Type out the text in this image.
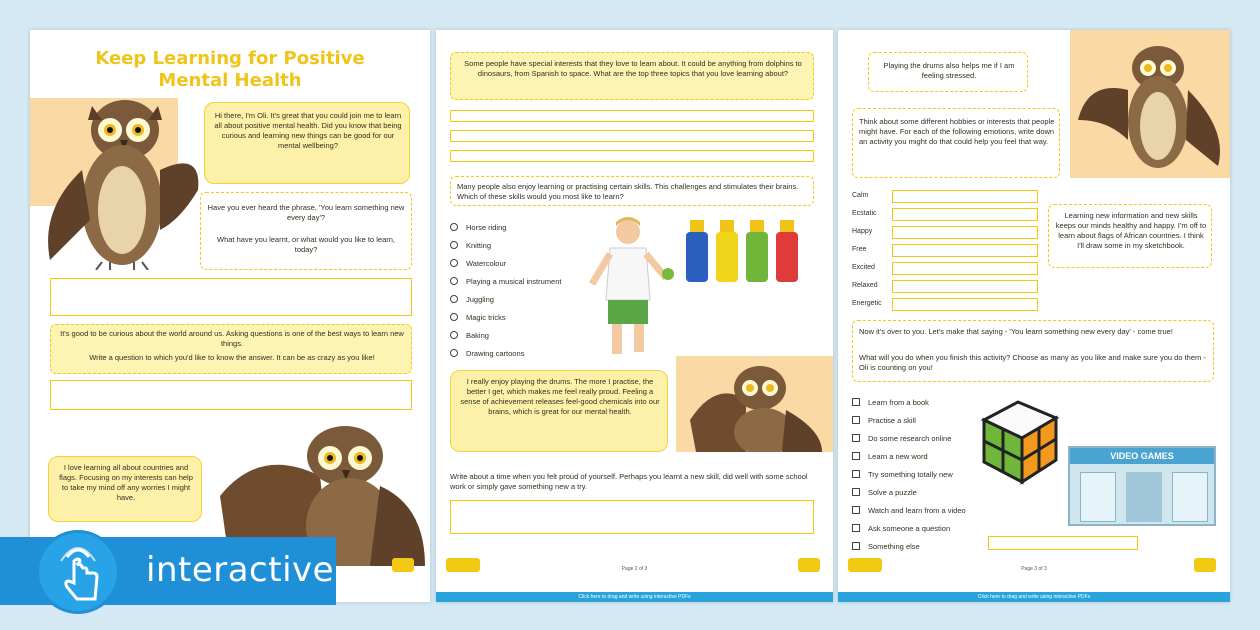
Keep Learning for Positive Mental Health
Hi there, I'm Oli. It's great that you could join me to learn all about positive mental health. Did you know that being curious and learning new things can be good for our mental wellbeing?
Have you ever heard the phrase, 'You learn something new every day'?
What have you learnt, or what would you like to learn, today?
It's good to be curious about the world around us. Asking questions is one of the best ways to learn new things.
Write a question to which you'd like to know the answer. It can be as crazy as you like!
I love learning all about countries and flags. Focusing on my interests can help to take my mind off any worries I might have.
Some people have special interests that they love to learn about. It could be anything from dolphins to dinosaurs, from Spanish to space. What are the top three topics that you love learning about?
Many people also enjoy learning or practising certain skills. This challenges and stimulates their brains. Which of these skills would you most like to learn?
Horse riding
Knitting
Watercolour
Playing a musical instrument
Juggling
Magic tricks
Baking
Drawing cartoons
I really enjoy playing the drums. The more I practise, the better I get, which makes me feel really proud. Feeling a sense of achievement releases feel-good chemicals into our brains, which is great for our mental health.
Write about a time when you felt proud of yourself. Perhaps you learnt a new skill, did well with some school work or simply gave something new a try.
Page 2 of 3
Click here to drag and write using interactive PDFs
Playing the drums also helps me if I am feeling stressed.
Think about some different hobbies or interests that people might have. For each of the following emotions, write down an activity you might do that could help you feel that way.
Calm
Ecstatic
Happy
Free
Excited
Relaxed
Energetic
Learning new information and new skills keeps our minds healthy and happy. I'm off to learn about flags of African countries. I think I'll draw some in my sketchbook.
Now it's over to you. Let's make that saying - 'You learn something new every day' - come true!
What will you do when you finish this activity? Choose as many as you like and make sure you do them - Oli is counting on you!
Learn from a book
Practise a skill
Do some research online
Learn a new word
Try something totally new
Solve a puzzle
Watch and learn from a video
Ask someone a question
Something else
VIDEO GAMES
Page 3 of 3
Click here to drag and write using interactive PDFs
interactive
